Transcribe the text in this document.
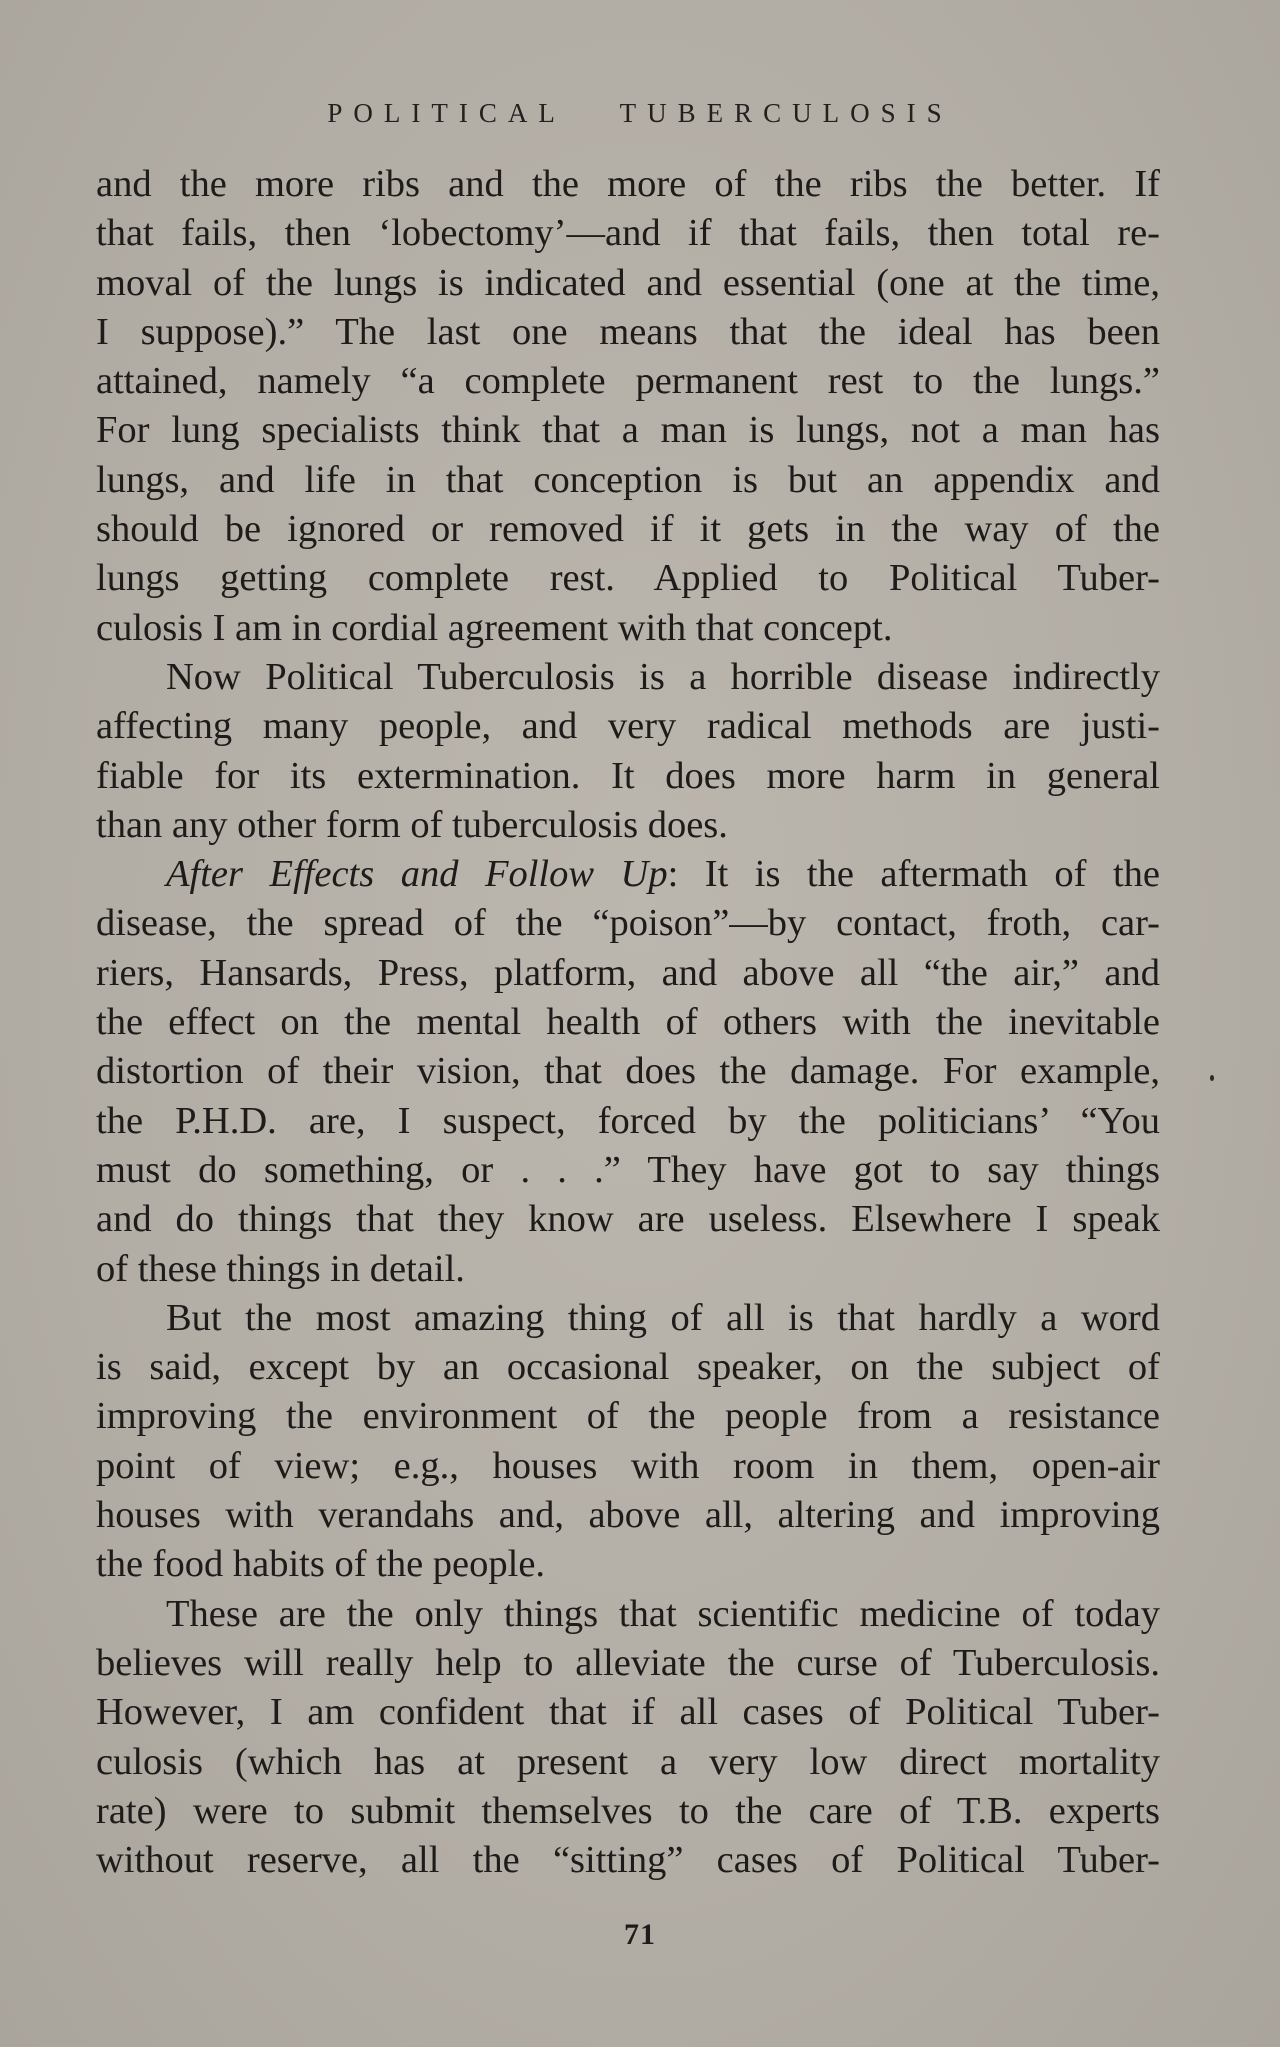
POLITICAL TUBERCULOSIS
and the more ribs and the more of the ribs the better. If
that fails, then ‘lobectomy’—and if that fails, then total re-
moval of the lungs is indicated and essential (one at the time,
I suppose).” The last one means that the ideal has been
attained, namely “a complete permanent rest to the lungs.”
For lung specialists think that a man is lungs, not a man has
lungs, and life in that conception is but an appendix and
should be ignored or removed if it gets in the way of the
lungs getting complete rest. Applied to Political Tuber-
culosis I am in cordial agreement with that concept.
Now Political Tuberculosis is a horrible disease indirectly
affecting many people, and very radical methods are justi-
fiable for its extermination. It does more harm in general
than any other form of tuberculosis does.
After Effects and Follow Up: It is the aftermath of the
disease, the spread of the “poison”—by contact, froth, car-
riers, Hansards, Press, platform, and above all “the air,” and
the effect on the mental health of others with the inevitable
distortion of their vision, that does the damage. For example,
the P.H.D. are, I suspect, forced by the politicians’ “You
must do something, or . . .” They have got to say things
and do things that they know are useless. Elsewhere I speak
of these things in detail.
But the most amazing thing of all is that hardly a word
is said, except by an occasional speaker, on the subject of
improving the environment of the people from a resistance
point of view; e.g., houses with room in them, open-air
houses with verandahs and, above all, altering and improving
the food habits of the people.
These are the only things that scientific medicine of today
believes will really help to alleviate the curse of Tuberculosis.
However, I am confident that if all cases of Political Tuber-
culosis (which has at present a very low direct mortality
rate) were to submit themselves to the care of T.B. experts
without reserve, all the “sitting” cases of Political Tuber-
71
